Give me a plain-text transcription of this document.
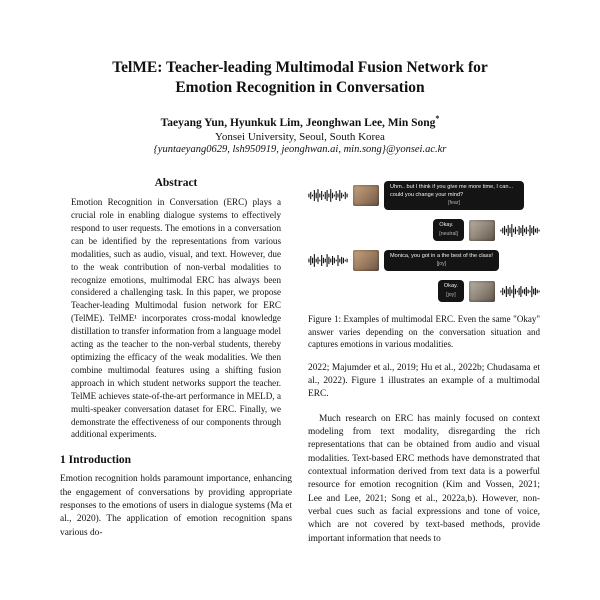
TelME: Teacher-leading Multimodal Fusion Network for Emotion Recognition in Conversation
Taeyang Yun, Hyunkuk Lim, Jeonghwan Lee, Min Song*
Yonsei University, Seoul, South Korea
{yuntaeyang0629, lsh950919, jeonghwan.ai, min.song}@yonsei.ac.kr
Abstract
Emotion Recognition in Conversation (ERC) plays a crucial role in enabling dialogue systems to effectively respond to user requests. The emotions in a conversation can be identified by the representations from various modalities, such as audio, visual, and text. However, due to the weak contribution of non-verbal modalities to recognize emotions, multimodal ERC has always been considered a challenging task. In this paper, we propose Teacher-leading Multimodal fusion network for ERC (TelME). TelME¹ incorporates cross-modal knowledge distillation to transfer information from a language model acting as the teacher to the non-verbal students, thereby optimizing the efficacy of the weak modalities. We then combine multimodal features using a shifting fusion approach in which student networks support the teacher. TelME achieves state-of-the-art performance in MELD, a multi-speaker conversation dataset for ERC. Finally, we demonstrate the effectiveness of our components through additional experiments.
1 Introduction

Emotion recognition holds paramount importance, enhancing the engagement of conversations by providing appropriate responses to the emotions of users in dialogue systems (Ma et al., 2020). The application of emotion recognition spans various do-

Uhm.. but I think if you give me more time, I can... could you change your mind?
[fear]
Okay.
[neutral]
Monica, you got in a the best of the class!
[joy]
Okay.
[joy]
Figure 1: Examples of multimodal ERC. Even the same "Okay" answer varies depending on the conversation situation and captures emotions in various modalities.

2022; Majumder et al., 2019; Hu et al., 2022b; Chudasama et al., 2022). Figure 1 illustrates an example of a multimodal ERC.

Much research on ERC has mainly focused on context modeling from text modality, disregarding the rich representations that can be obtained from audio and visual modalities. Text-based ERC methods have demonstrated that contextual information derived from text data is a powerful resource for emotion recognition (Kim and Vossen, 2021; Lee and Lee, 2021; Song et al., 2022a,b). However, non-verbal cues such as facial expressions and tone of voice, which are not covered by text-based methods, provide important information that needs to
